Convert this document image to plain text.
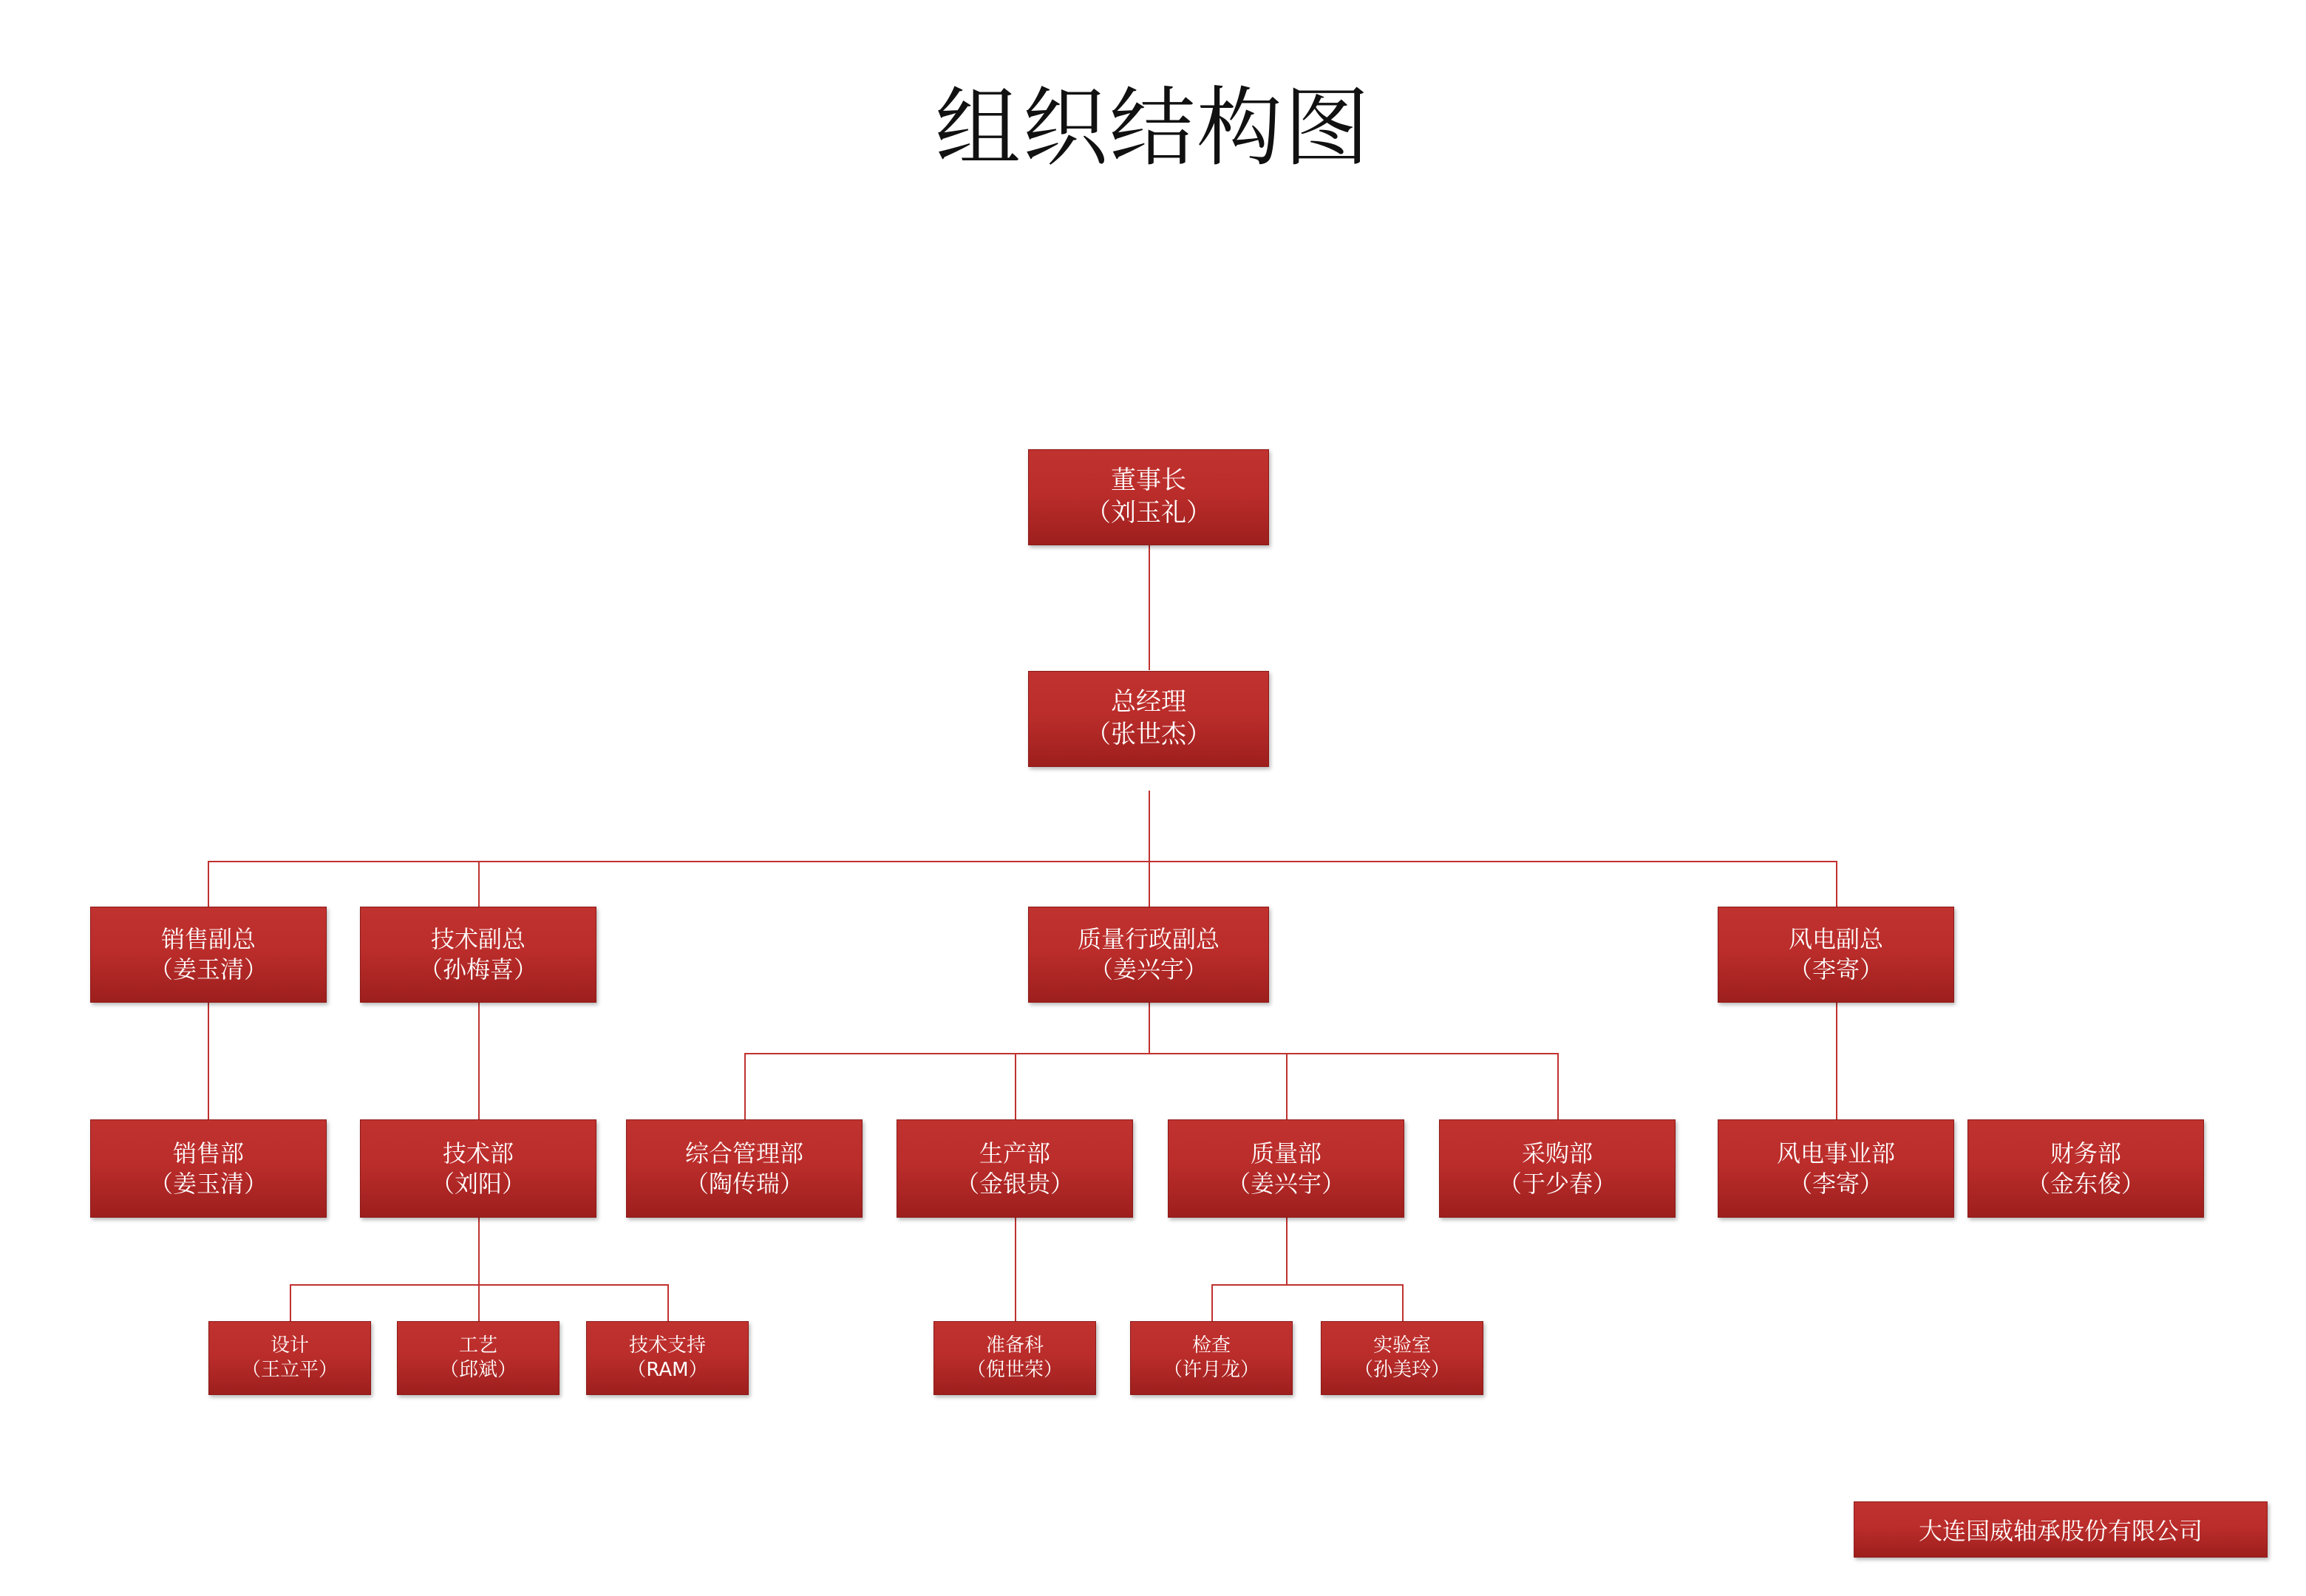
组织结构图
董事长
（刘玉礼）
总经理
（张世杰）
销售副总
（姜玉清）
技术副总
（孙梅喜）
质量行政副总
（姜兴宇）
风电副总
（李寄）
销售部
（姜玉清）
技术部
（刘阳）
综合管理部
（陶传瑞）
生产部
（金银贵）
质量部
（姜兴宇）
采购部
（于少春）
风电事业部
（李寄）
财务部
（金东俊）
设计
（王立平）
工艺
（邱斌）
技术支持
（RAM）
准备科
（倪世荣）
检查
（许月龙）
实验室
（孙美玲）
大连国威轴承股份有限公司
